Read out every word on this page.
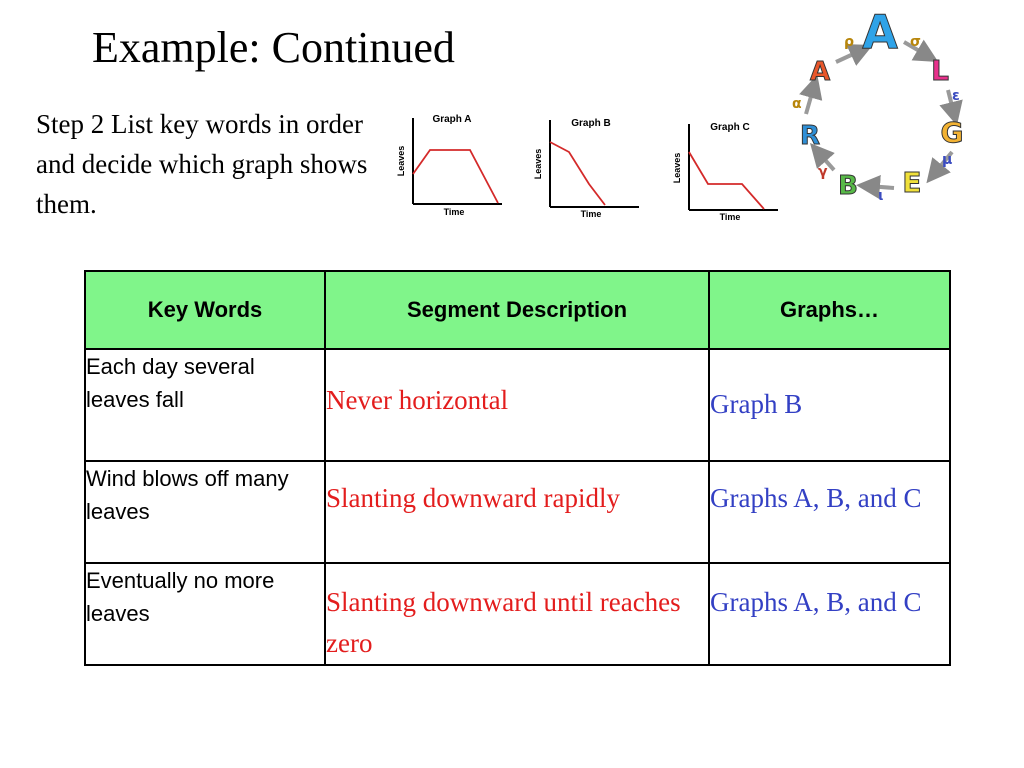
Example: Continued
Step 2 List key words in order and decide which graph shows them.
Graph A
Leaves
Time
Graph B
Leaves
Time
Graph C
Leaves
Time
A
L
G
E
B
R
A
ρ	σ
ε
μ
ι
γ
α
Key Words	Segment Description	Graphs…
Each day several leaves fall	Never horizontal	Graph B
Wind blows off many leaves	Slanting downward rapidly	Graphs A, B, and C
Eventually no more leaves	Slanting downward until reaches zero	Graphs A, B, and C
